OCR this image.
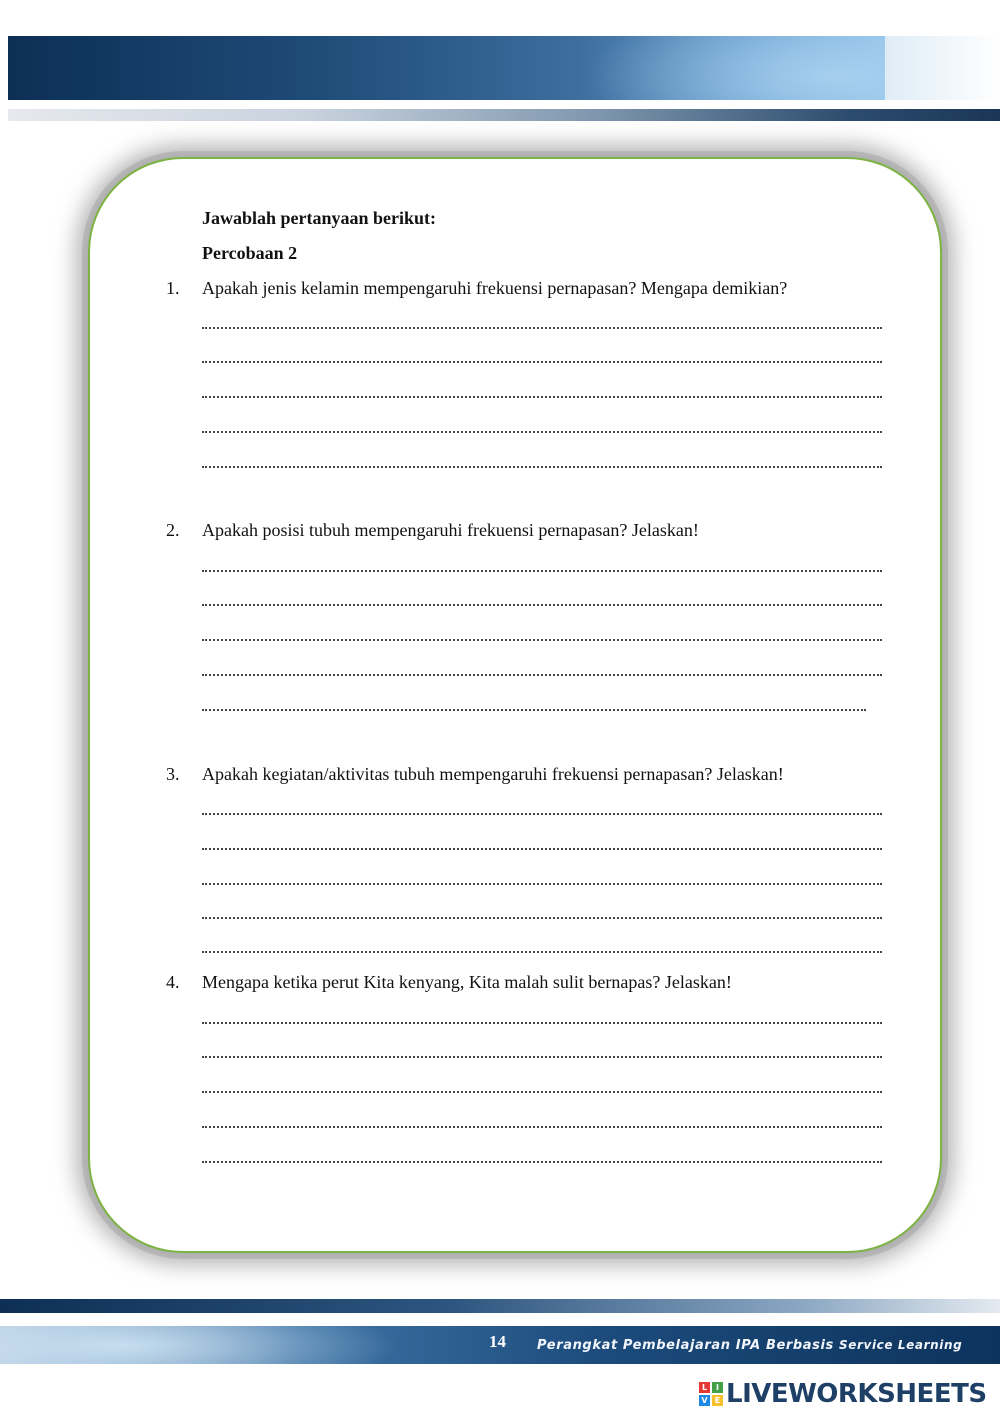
Jawablah pertanyaan berikut:
Percobaan 2
1. Apakah jenis kelamin mempengaruhi frekuensi pernapasan? Mengapa demikian?
2. Apakah posisi tubuh mempengaruhi frekuensi pernapasan? Jelaskan!
3. Apakah kegiatan/aktivitas tubuh mempengaruhi frekuensi pernapasan? Jelaskan!
4. Mengapa ketika perut Kita kenyang, Kita malah sulit bernapas? Jelaskan!
14 Perangkat Pembelajaran IPA Berbasis Service Learning
L	I
V E LIVEWORKSHEETS
